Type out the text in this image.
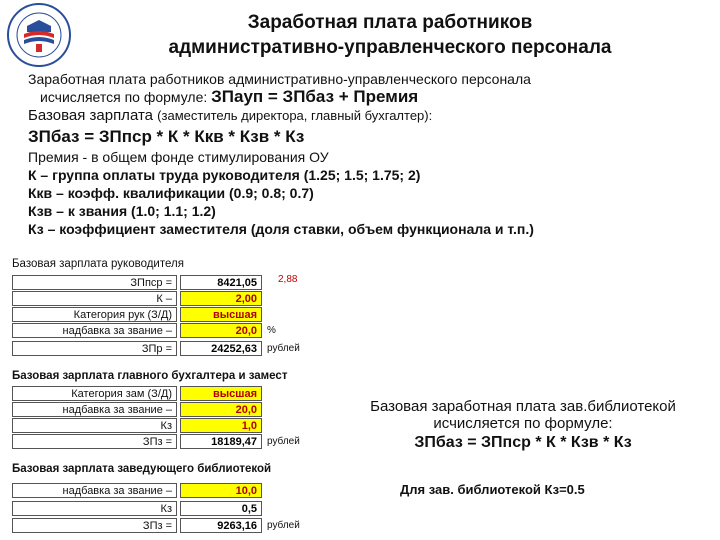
Заработная плата работников
административно-управленческого персонала
Заработная плата работников административно-управленческого персонала
исчисляется по формуле: ЗПауп = ЗПбаз + Премия
Базовая зарплата (заместитель директора, главный бухгалтер):
ЗПбаз = ЗПпср * К * Ккв * Кзв * Кз
Премия - в общем фонде стимулирования ОУ
К – группа оплаты труда руководителя (1.25; 1.5; 1.75; 2)
Ккв – коэфф. квалификации (0.9; 0.8; 0.7)
Кзв – к звания (1.0; 1.1; 1.2)
Кз – коэффициент заместителя (доля ставки, объем функционала и т.п.)
Базовая зарплата руководителя
ЗПпср =	8421,05
К –	2,00
Категория рук (З/Д)	высшая
надбавка за звание –	20,0	%
ЗПр =	24252,63	рублей
Базовая зарплата главного бухгалтера и замест
Категория зам (З/Д)	высшая
надбавка за звание –	20,0
Кз	1,0
ЗПз =	18189,47	рублей
Базовая зарплата заведующего библиотекой
надбавка за звание –	10,0
Кз	0,5
ЗПз =	9263,16	рублей
2,88
Базовая заработная плата зав.библиотекой
исчисляется по формуле:
ЗПбаз = ЗПпср * К * Кзв * Кз
Для зав. библиотекой Кз=0.5
